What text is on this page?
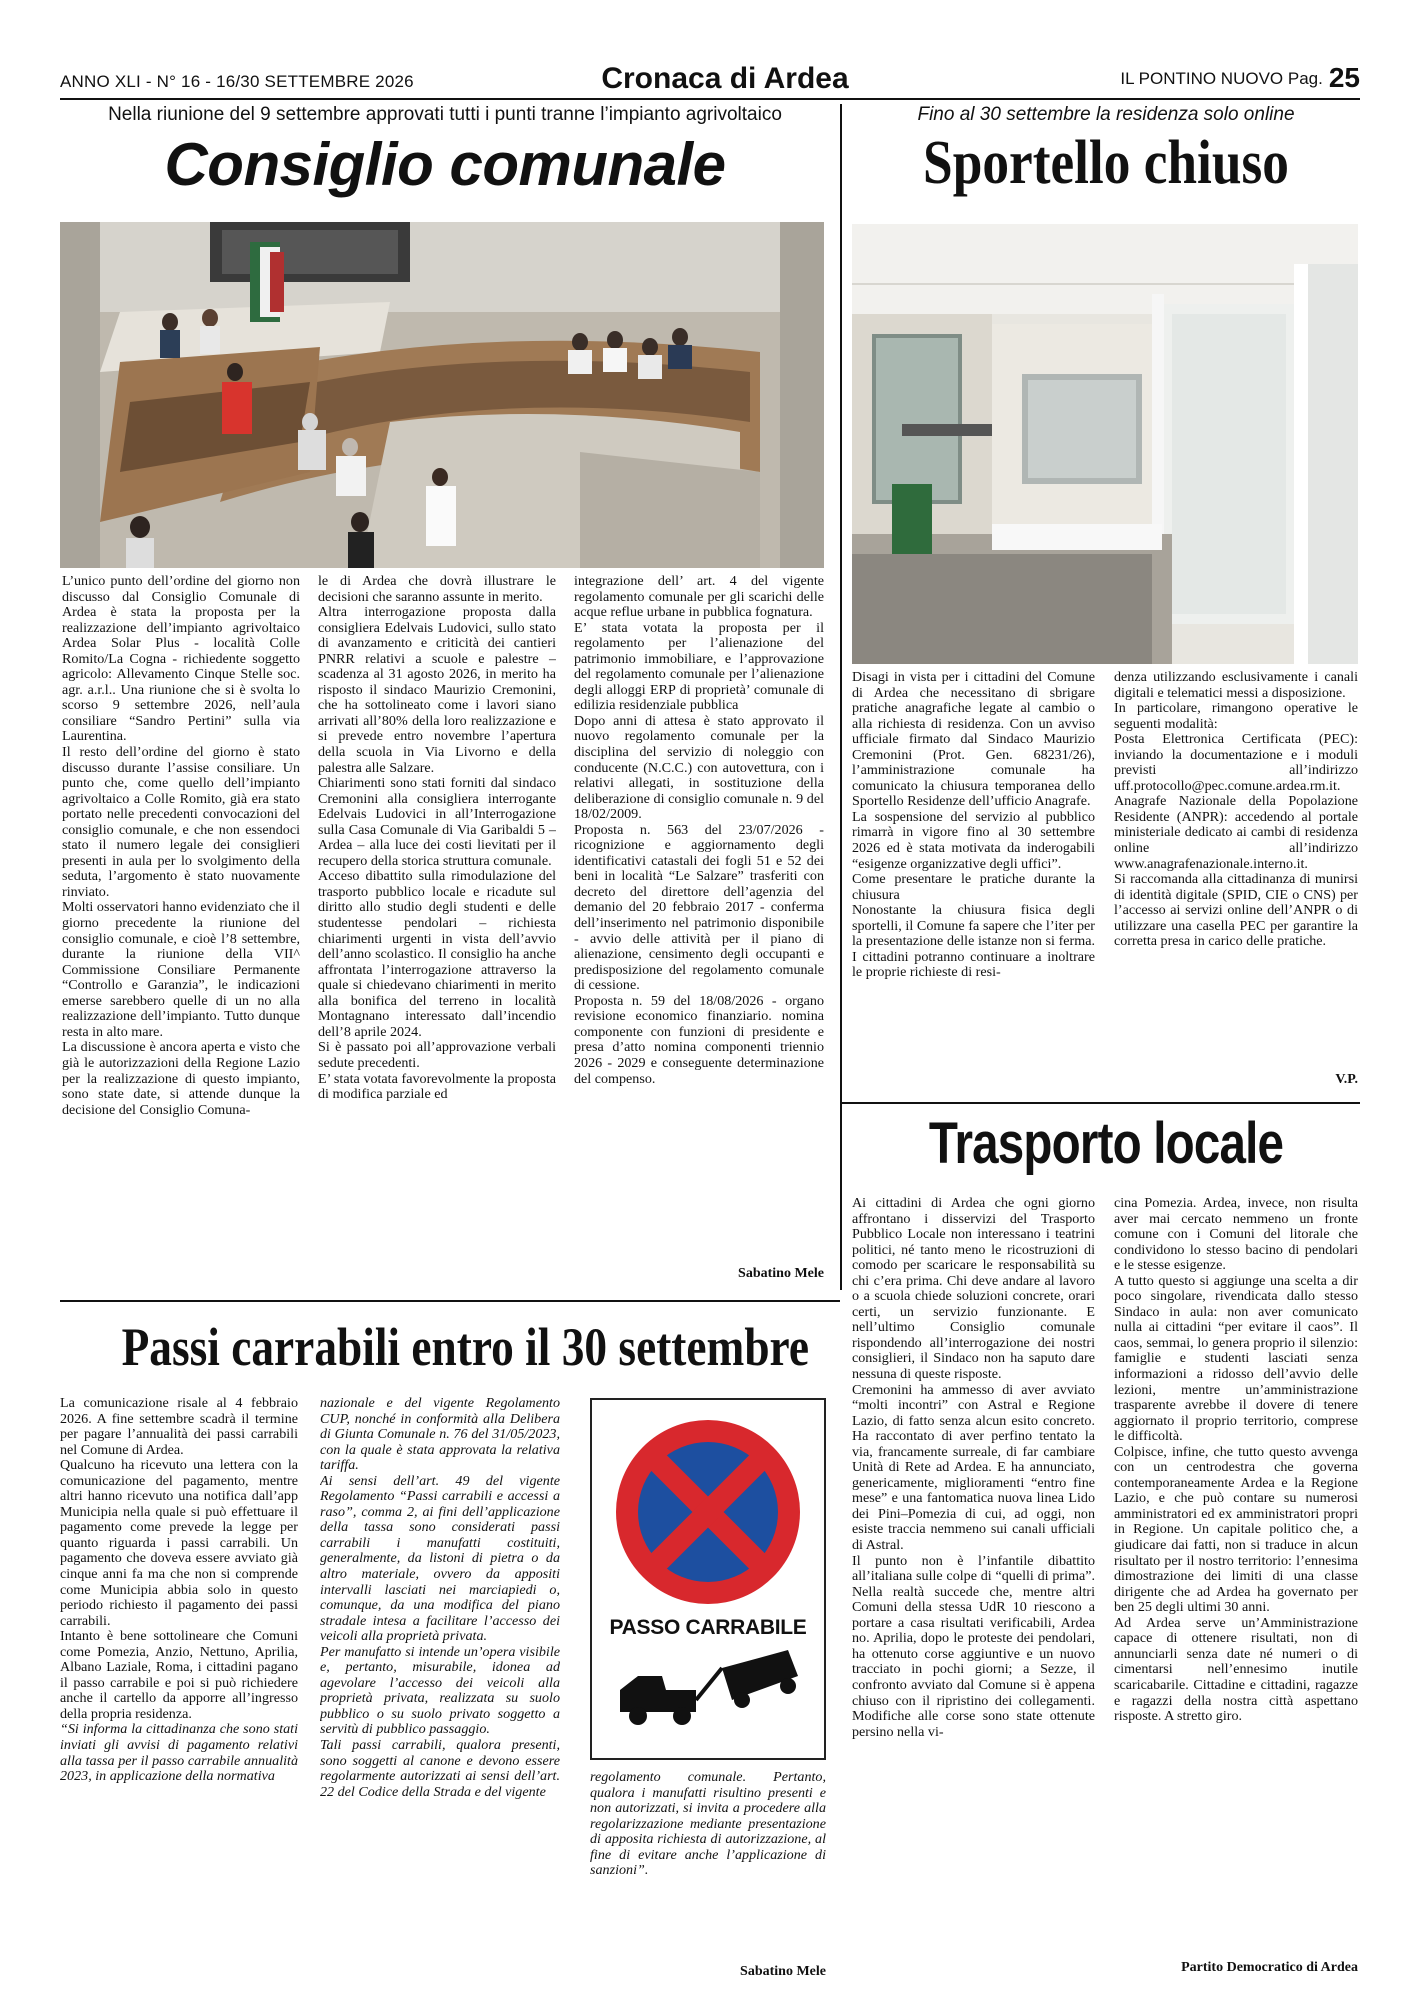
ANNO XLI - N° 16 - 16/30 SETTEMBRE 2026	Cronaca di Ardea	IL PONTINO NUOVO Pag. 25
Nella riunione del 9 settembre approvati tutti i punti tranne l’impianto agrivoltaico
Consiglio comunale

L’unico punto dell’ordine del giorno non discusso dal Consiglio Comunale di Ardea è stata la proposta per la realizzazione dell’impianto agrivoltaico Ardea Solar Plus - località Colle Romito/La Cogna - richiedente soggetto agricolo: Allevamento Cinque Stelle soc. agr. a.r.l.. Una riunione che si è svolta lo scorso 9 settembre 2026, nell’aula consiliare “Sandro Pertini” sulla via Laurentina.
Il resto dell’ordine del giorno è stato discusso durante l’assise consiliare. Un punto che, come quello dell’impianto agrivoltaico a Colle Romito, già era stato portato nelle precedenti convocazioni del consiglio comunale, e che non essendoci stato il numero legale dei consiglieri presenti in aula per lo svolgimento della seduta, l’argomento è stato nuovamente rinviato.
Molti osservatori hanno evidenziato che il giorno precedente la riunione del consiglio comunale, e cioè l’8 settembre, durante la riunione della VII^ Commissione Consiliare Permanente “Controllo e Garanzia”, le indicazioni emerse sarebbero quelle di un no alla realizzazione dell’impianto. Tutto dunque resta in alto mare.
La discussione è ancora aperta e visto che già le autorizzazioni della Regione Lazio per la realizzazione di questo impianto, sono state date, si attende dunque la decisione del Consiglio Comuna-

le di Ardea che dovrà illustrare le decisioni che saranno assunte in merito.
Altra interrogazione proposta dalla consigliera Edelvais Ludovici, sullo stato di avanzamento e criticità dei cantieri PNRR relativi a scuole e palestre – scadenza al 31 agosto 2026, in merito ha risposto il sindaco Maurizio Cremonini, che ha sottolineato come i lavori siano arrivati all’80% della loro realizzazione e si prevede entro novembre l’apertura della scuola in Via Livorno e della palestra alle Salzare.
Chiarimenti sono stati forniti dal sindaco Cremonini alla consigliera interrogante Edelvais Ludovici in all’Interrogazione sulla Casa Comunale di Via Garibaldi 5 – Ardea – alla luce dei costi lievitati per il recupero della storica struttura comunale.
Acceso dibattito sulla rimodulazione del trasporto pubblico locale e ricadute sul diritto allo studio degli studenti e delle studentesse pendolari – richiesta chiarimenti urgenti in vista dell’avvio dell’anno scolastico. Il consiglio ha anche affrontata l’interrogazione attraverso la quale si chiedevano chiarimenti in merito alla bonifica del terreno in località Montagnano interessato dall’incendio dell’8 aprile 2024.
Si è passato poi all’approvazione verbali sedute precedenti.
E’ stata votata favorevolmente la proposta di modifica parziale ed

integrazione dell’ art. 4 del vigente regolamento comunale per gli scarichi delle acque reflue urbane in pubblica fognatura.
E’ stata votata la proposta per il regolamento per l’alienazione del patrimonio immobiliare, e l’approvazione del regolamento comunale per l’alienazione degli alloggi ERP di proprietà’ comunale di edilizia residenziale pubblica
Dopo anni di attesa è stato approvato il nuovo regolamento comunale per la disciplina del servizio di noleggio con conducente (N.C.C.) con autovettura, con i relativi allegati, in sostituzione della deliberazione di consiglio comunale n. 9 del 18/02/2009.
Proposta n. 563 del 23/07/2026 - ricognizione e aggiornamento degli identificativi catastali dei fogli 51 e 52 dei beni in località “Le Salzare” trasferiti con decreto del direttore dell’agenzia del demanio del 20 febbraio 2017 - conferma dell’inserimento nel patrimonio disponibile - avvio delle attività per il piano di alienazione, censimento degli occupanti e predisposizione del regolamento comunale di cessione.
Proposta n. 59 del 18/08/2026 - organo revisione economico finanziario. nomina componente con funzioni di presidente e presa d’atto nomina componenti triennio 2026 - 2029 e conseguente determinazione del compenso.

Sabatino Mele
Fino al 30 settembre la residenza solo online
Sportello chiuso

Disagi in vista per i cittadini del Comune di Ardea che necessitano di sbrigare pratiche anagrafiche legate al cambio o alla richiesta di residenza. Con un avviso ufficiale firmato dal Sindaco Maurizio Cremonini (Prot. Gen. 68231/26), l’amministrazione comunale ha comunicato la chiusura temporanea dello Sportello Residenze dell’ufficio Anagrafe.
La sospensione del servizio al pubblico rimarrà in vigore fino al 30 settembre 2026 ed è stata motivata da inderogabili “esigenze organizzative degli uffici”.
Come presentare le pratiche durante la chiusura
Nonostante la chiusura fisica degli sportelli, il Comune fa sapere che l’iter per la presentazione delle istanze non si ferma. I cittadini potranno continuare a inoltrare le proprie richieste di resi-

denza utilizzando esclusivamente i canali digitali e telematici messi a disposizione.
In particolare, rimangono operative le seguenti modalità:
Posta Elettronica Certificata (PEC): inviando la documentazione e i moduli previsti all’indirizzo uff.protocollo@pec.comune.ardea.rm.it.
Anagrafe Nazionale della Popolazione Residente (ANPR): accedendo al portale ministeriale dedicato ai cambi di residenza online all’indirizzo www.anagrafenazionale.interno.it.
Si raccomanda alla cittadinanza di munirsi di identità digitale (SPID, CIE o CNS) per l’accesso ai servizi online dell’ANPR o di utilizzare una casella PEC per garantire la corretta presa in carico delle pratiche.

V.P.
Trasporto locale

Ai cittadini di Ardea che ogni giorno affrontano i disservizi del Trasporto Pubblico Locale non interessano i teatrini politici, né tanto meno le ricostruzioni di comodo per scaricare le responsabilità su chi c’era prima. Chi deve andare al lavoro o a scuola chiede soluzioni concrete, orari certi, un servizio funzionante. E nell’ultimo Consiglio comunale rispondendo all’interrogazione dei nostri consiglieri, il Sindaco non ha saputo dare nessuna di queste risposte.
Cremonini ha ammesso di aver avviato “molti incontri” con Astral e Regione Lazio, di fatto senza alcun esito concreto. Ha raccontato di aver perfino tentato la via, francamente surreale, di far cambiare Unità di Rete ad Ardea. E ha annunciato, genericamente, miglioramenti “entro fine mese” e una fantomatica nuova linea Lido dei Pini–Pomezia di cui, ad oggi, non esiste traccia nemmeno sui canali ufficiali di Astral.
Il punto non è l’infantile dibattito all’italiana sulle colpe di “quelli di prima”. Nella realtà succede che, mentre altri Comuni della stessa UdR 10 riescono a portare a casa risultati verificabili, Ardea no. Aprilia, dopo le proteste dei pendolari, ha ottenuto corse aggiuntive e un nuovo tracciato in pochi giorni; a Sezze, il confronto avviato dal Comune si è appena chiuso con il ripristino dei collegamenti. Modifiche alle corse sono state ottenute persino nella vi-

cina Pomezia. Ardea, invece, non risulta aver mai cercato nemmeno un fronte comune con i Comuni del litorale che condividono lo stesso bacino di pendolari e le stesse esigenze.
A tutto questo si aggiunge una scelta a dir poco singolare, rivendicata dallo stesso Sindaco in aula: non aver comunicato nulla ai cittadini “per evitare il caos”. Il caos, semmai, lo genera proprio il silenzio: famiglie e studenti lasciati senza informazioni a ridosso dell’avvio delle lezioni, mentre un’amministrazione trasparente avrebbe il dovere di tenere aggiornato il proprio territorio, comprese le difficoltà.
Colpisce, infine, che tutto questo avvenga con un centrodestra che governa contemporaneamente Ardea e la Regione Lazio, e che può contare su numerosi amministratori ed ex amministratori propri in Regione. Un capitale politico che, a giudicare dai fatti, non si traduce in alcun risultato per il nostro territorio: l’ennesima dimostrazione dei limiti di una classe dirigente che ad Ardea ha governato per ben 25 degli ultimi 30 anni.
Ad Ardea serve un’Amministrazione capace di ottenere risultati, non di annunciarli senza date né numeri o di cimentarsi nell’ennesimo inutile scaricabarile. Cittadine e cittadini, ragazze e ragazzi della nostra città aspettano risposte. A stretto giro.

Partito Democratico di Ardea
Passi carrabili entro il 30 settembre

La comunicazione risale al 4 febbraio 2026. A fine settembre scadrà il termine per pagare l’annualità dei passi carrabili nel Comune di Ardea.
Qualcuno ha ricevuto una lettera con la comunicazione del pagamento, mentre altri hanno ricevuto una notifica dall’app Municipia nella quale si può effettuare il pagamento come prevede la legge per quanto riguarda i passi carrabili. Un pagamento che doveva essere avviato già cinque anni fa ma che non si comprende come Municipia abbia solo in questo periodo richiesto il pagamento dei passi carrabili.
Intanto è bene sottolineare che Comuni come Pomezia, Anzio, Nettuno, Aprilia, Albano Laziale, Roma, i cittadini pagano il passo carrabile e poi si può richiedere anche il cartello da apporre all’ingresso della propria residenza.

“Si informa la cittadinanza che sono stati inviati gli avvisi di pagamento relativi alla tassa per il passo carrabile annualità 2023, in applicazione della normativa

nazionale e del vigente Regolamento CUP, nonché in conformità alla Delibera di Giunta Comunale n. 76 del 31/05/2023, con la quale è stata approvata la relativa tariffa.
Ai sensi dell’art. 49 del vigente Regolamento “Passi carrabili e accessi a raso”, comma 2, ai fini dell’applicazione della tassa sono considerati passi carrabili i manufatti costituiti, generalmente, da listoni di pietra o da altro materiale, ovvero da appositi intervalli lasciati nei marciapiedi o, comunque, da una modifica del piano stradale intesa a facilitare l’accesso dei veicoli alla proprietà privata.
Per manufatto si intende un’opera visibile e, pertanto, misurabile, idonea ad agevolare l’accesso dei veicoli alla proprietà privata, realizzata su suolo pubblico o su suolo privato soggetto a servitù di pubblico passaggio.
Tali passi carrabili, qualora presenti, sono soggetti al canone e devono essere regolarmente autorizzati ai sensi dell’art. 22 del Codice della Strada e del vigente

PASSO CARRABILE

regolamento comunale. Pertanto, qualora i manufatti risultino presenti e non autorizzati, si invita a procedere alla regolarizzazione mediante presentazione di apposita richiesta di autorizzazione, al fine di evitare anche l’applicazione di sanzioni”.

Sabatino Mele
